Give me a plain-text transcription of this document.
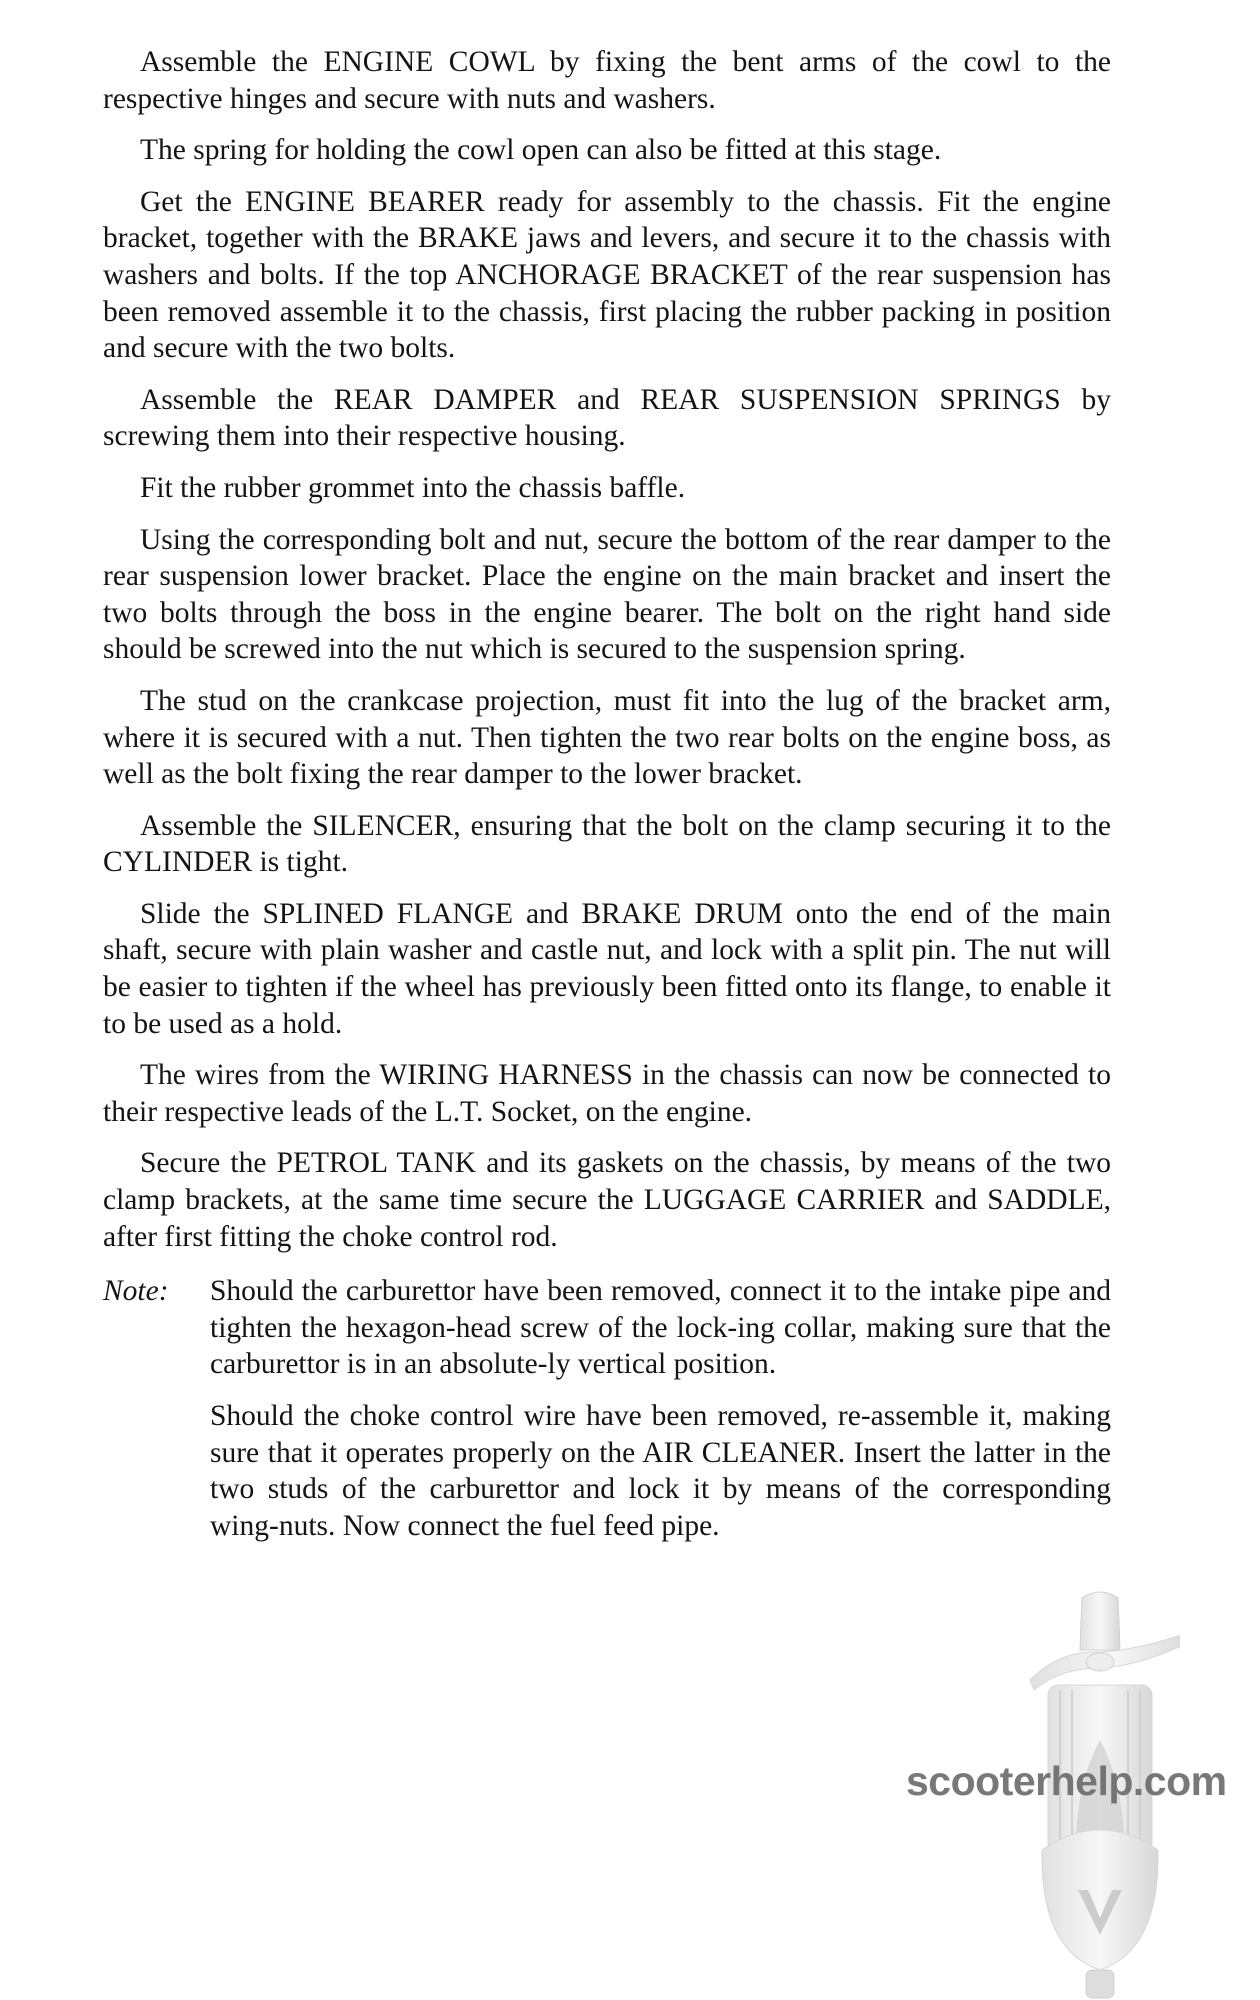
Assemble the ENGINE COWL by fixing the bent arms of the cowl to the respective hinges and secure with nuts and washers.

The spring for holding the cowl open can also be fitted at this stage.

Get the ENGINE BEARER ready for assembly to the chassis. Fit the engine bracket, together with the BRAKE jaws and levers, and secure it to the chassis with washers and bolts. If the top ANCHORAGE BRACKET of the rear suspension has been removed assemble it to the chassis, first placing the rubber packing in position and secure with the two bolts.

Assemble the REAR DAMPER and REAR SUSPENSION SPRINGS by screwing them into their respective housing.

Fit the rubber grommet into the chassis baffle.

Using the corresponding bolt and nut, secure the bottom of the rear damper to the rear suspension lower bracket. Place the engine on the main bracket and insert the two bolts through the boss in the engine bearer. The bolt on the right hand side should be screwed into the nut which is secured to the suspension spring.

The stud on the crankcase projection, must fit into the lug of the bracket arm, where it is secured with a nut. Then tighten the two rear bolts on the engine boss, as well as the bolt fixing the rear damper to the lower bracket.

Assemble the SILENCER, ensuring that the bolt on the clamp securing it to the CYLINDER is tight.

Slide the SPLINED FLANGE and BRAKE DRUM onto the end of the main shaft, secure with plain washer and castle nut, and lock with a split pin. The nut will be easier to tighten if the wheel has previously been fitted onto its flange, to enable it to be used as a hold.

The wires from the WIRING HARNESS in the chassis can now be connected to their respective leads of the L.T. Socket, on the engine.

Secure the PETROL TANK and its gaskets on the chassis, by means of the two clamp brackets, at the same time secure the LUGGAGE CARRIER and SADDLE, after first fitting the choke control rod.

Note:	Should the carburettor have been removed, connect it to the intake pipe and tighten the hexagon-head screw of the lock-ing collar, making sure that the carburettor is in an absolute-ly vertical position.

Should the choke control wire have been removed, re-assemble it, making sure that it operates properly on the AIR CLEANER. Insert the latter in the two studs of the carburettor and lock it by means of the corresponding wing-nuts. Now connect the fuel feed pipe.

scooterhelp.com
